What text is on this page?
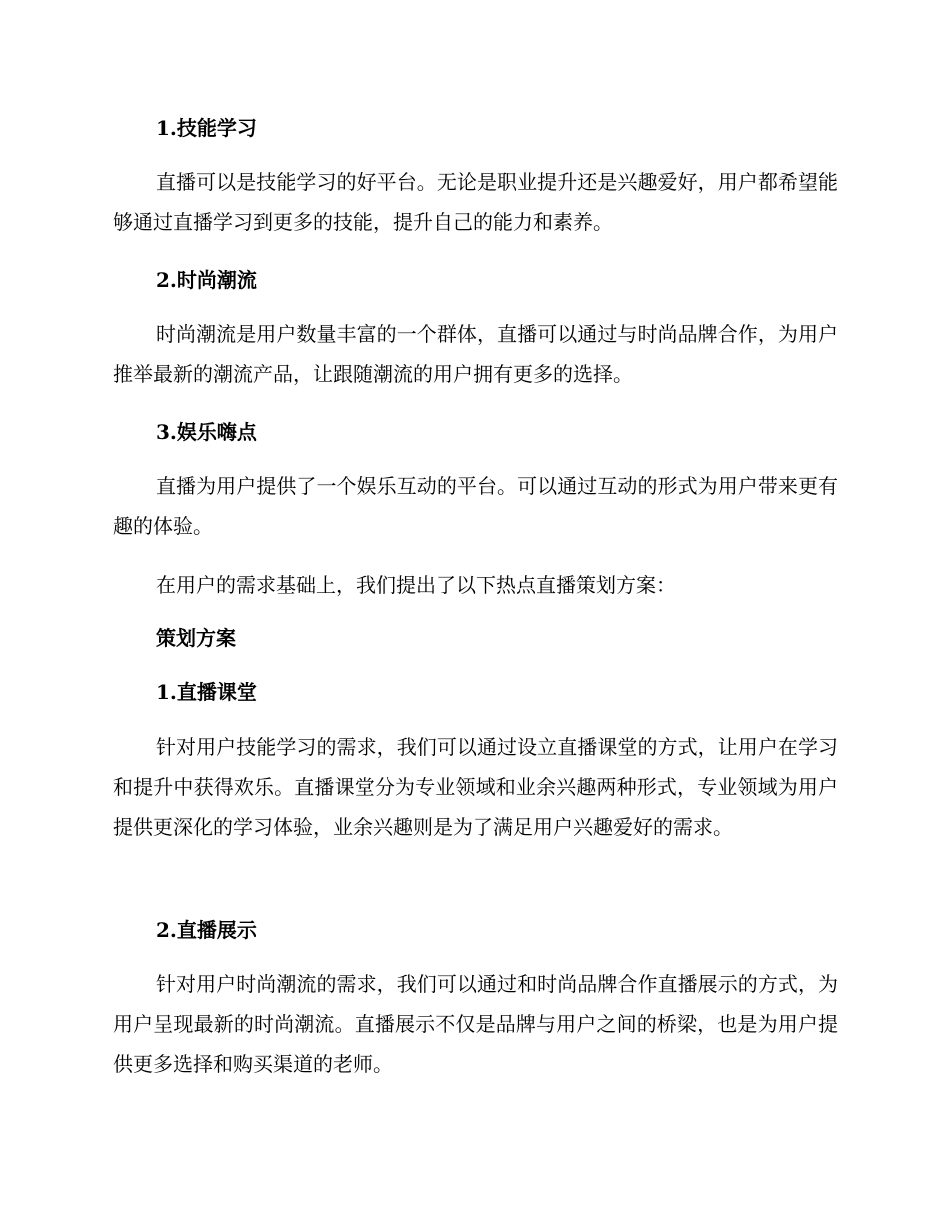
1.技能学习

直播可以是技能学习的好平台。无论是职业提升还是兴趣爱好，用户都希望能够通过直播学习到更多的技能，提升自己的能力和素养。

2.时尚潮流

时尚潮流是用户数量丰富的一个群体，直播可以通过与时尚品牌合作，为用户推举最新的潮流产品，让跟随潮流的用户拥有更多的选择。

3.娱乐嗨点

直播为用户提供了一个娱乐互动的平台。可以通过互动的形式为用户带来更有趣的体验。

在用户的需求基础上，我们提出了以下热点直播策划方案：

策划方案
1.直播课堂

针对用户技能学习的需求，我们可以通过设立直播课堂的方式，让用户在学习和提升中获得欢乐。直播课堂分为专业领域和业余兴趣两种形式，专业领域为用户提供更深化的学习体验，业余兴趣则是为了满足用户兴趣爱好的需求。

2.直播展示

针对用户时尚潮流的需求，我们可以通过和时尚品牌合作直播展示的方式，为用户呈现最新的时尚潮流。直播展示不仅是品牌与用户之间的桥梁，也是为用户提供更多选择和购买渠道的老师。
